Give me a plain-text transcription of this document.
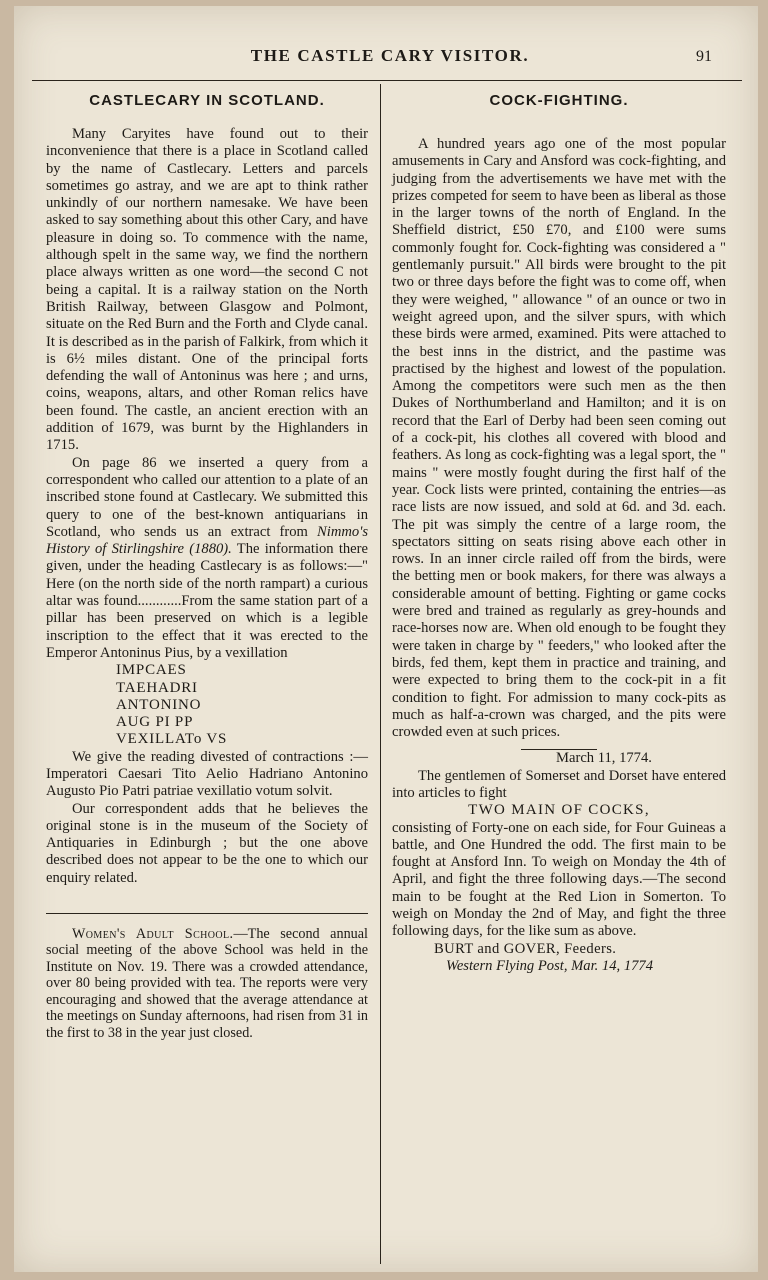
THE CASTLE CARY VISITOR.	91
CASTLECARY IN SCOTLAND.

Many Caryites have found out to their inconvenience that there is a place in Scotland called by the name of Castlecary. Letters and parcels sometimes go astray, and we are apt to think rather unkindly of our northern namesake. We have been asked to say something about this other Cary, and have pleasure in doing so. To commence with the name, although spelt in the same way, we find the northern place always written as one word—the second C not being a capital. It is a railway station on the North British Railway, between Glasgow and Polmont, situate on the Red Burn and the Forth and Clyde canal. It is described as in the parish of Falkirk, from which it is 6½ miles distant. One of the principal forts defending the wall of Antoninus was here ; and urns, coins, weapons, altars, and other Roman relics have been found. The castle, an ancient erection with an addition of 1679, was burnt by the Highlanders in 1715.

On page 86 we inserted a query from a correspondent who called our attention to a plate of an inscribed stone found at Castlecary. We submitted this query to one of the best-known antiquarians in Scotland, who sends us an extract from Nimmo's History of Stirlingshire (1880). The information there given, under the heading Castlecary is as follows:—" Here (on the north side of the north rampart) a curious altar was found............From the same station part of a pillar has been preserved on which is a legible inscription to the effect that it was erected to the Emperor Antoninus Pius, by a vexillation

IMPCAES
TAEHADRI
ANTONINO
AUG PI PP
VEXILLATo VS

We give the reading divested of contractions :—Imperatori Caesari Tito Aelio Hadriano Antonino Augusto Pio Patri patriae vexillatio votum solvit.

Our correspondent adds that he believes the original stone is in the museum of the Society of Antiquaries in Edinburgh ; but the one above described does not appear to be the one to which our enquiry related.

Women's Adult School.—The second annual social meeting of the above School was held in the Institute on Nov. 19. There was a crowded attendance, over 80 being provided with tea. The reports were very encouraging and showed that the average attendance at the meetings on Sunday afternoons, had risen from 31 in the first to 38 in the year just closed.

COCK-FIGHTING.

A hundred years ago one of the most popular amusements in Cary and Ansford was cock-fighting, and judging from the advertisements we have met with the prizes competed for seem to have been as liberal as those in the larger towns of the north of England. In the Sheffield district, £50 £70, and £100 were sums commonly fought for. Cock-fighting was considered a " gentlemanly pursuit." All birds were brought to the pit two or three days before the fight was to come off, when they were weighed, " allowance " of an ounce or two in weight agreed upon, and the silver spurs, with which these birds were armed, examined. Pits were attached to the best inns in the district, and the pastime was practised by the highest and lowest of the population. Among the competitors were such men as the then Dukes of Northumberland and Hamilton; and it is on record that the Earl of Derby had been seen coming out of a cock-pit, his clothes all covered with blood and feathers. As long as cock-fighting was a legal sport, the " mains " were mostly fought during the first half of the year. Cock lists were printed, containing the entries—as race lists are now issued, and sold at 6d. and 3d. each. The pit was simply the centre of a large room, the spectators sitting on seats rising above each other in rows. In an inner circle railed off from the birds, were the betting men or book makers, for there was always a considerable amount of betting. Fighting or game cocks were bred and trained as regularly as grey-hounds and race-horses now are. When old enough to be fought they were taken in charge by " feeders," who looked after the birds, fed them, kept them in practice and training, and were expected to bring them to the cock-pit in a fit condition to fight. For admission to many cock-pits as much as half-a-crown was charged, and the pits were crowded even at such prices.

March 11, 1774.

The gentlemen of Somerset and Dorset have entered into articles to fight

TWO MAIN OF COCKS,

consisting of Forty-one on each side, for Four Guineas a battle, and One Hundred the odd. The first main to be fought at Ansford Inn. To weigh on Monday the 4th of April, and fight the three following days.—The second main to be fought at the Red Lion in Somerton. To weigh on Monday the 2nd of May, and fight the three following days, for the like sum as above.

BURT and GOVER, Feeders.
Western Flying Post, Mar. 14, 1774
